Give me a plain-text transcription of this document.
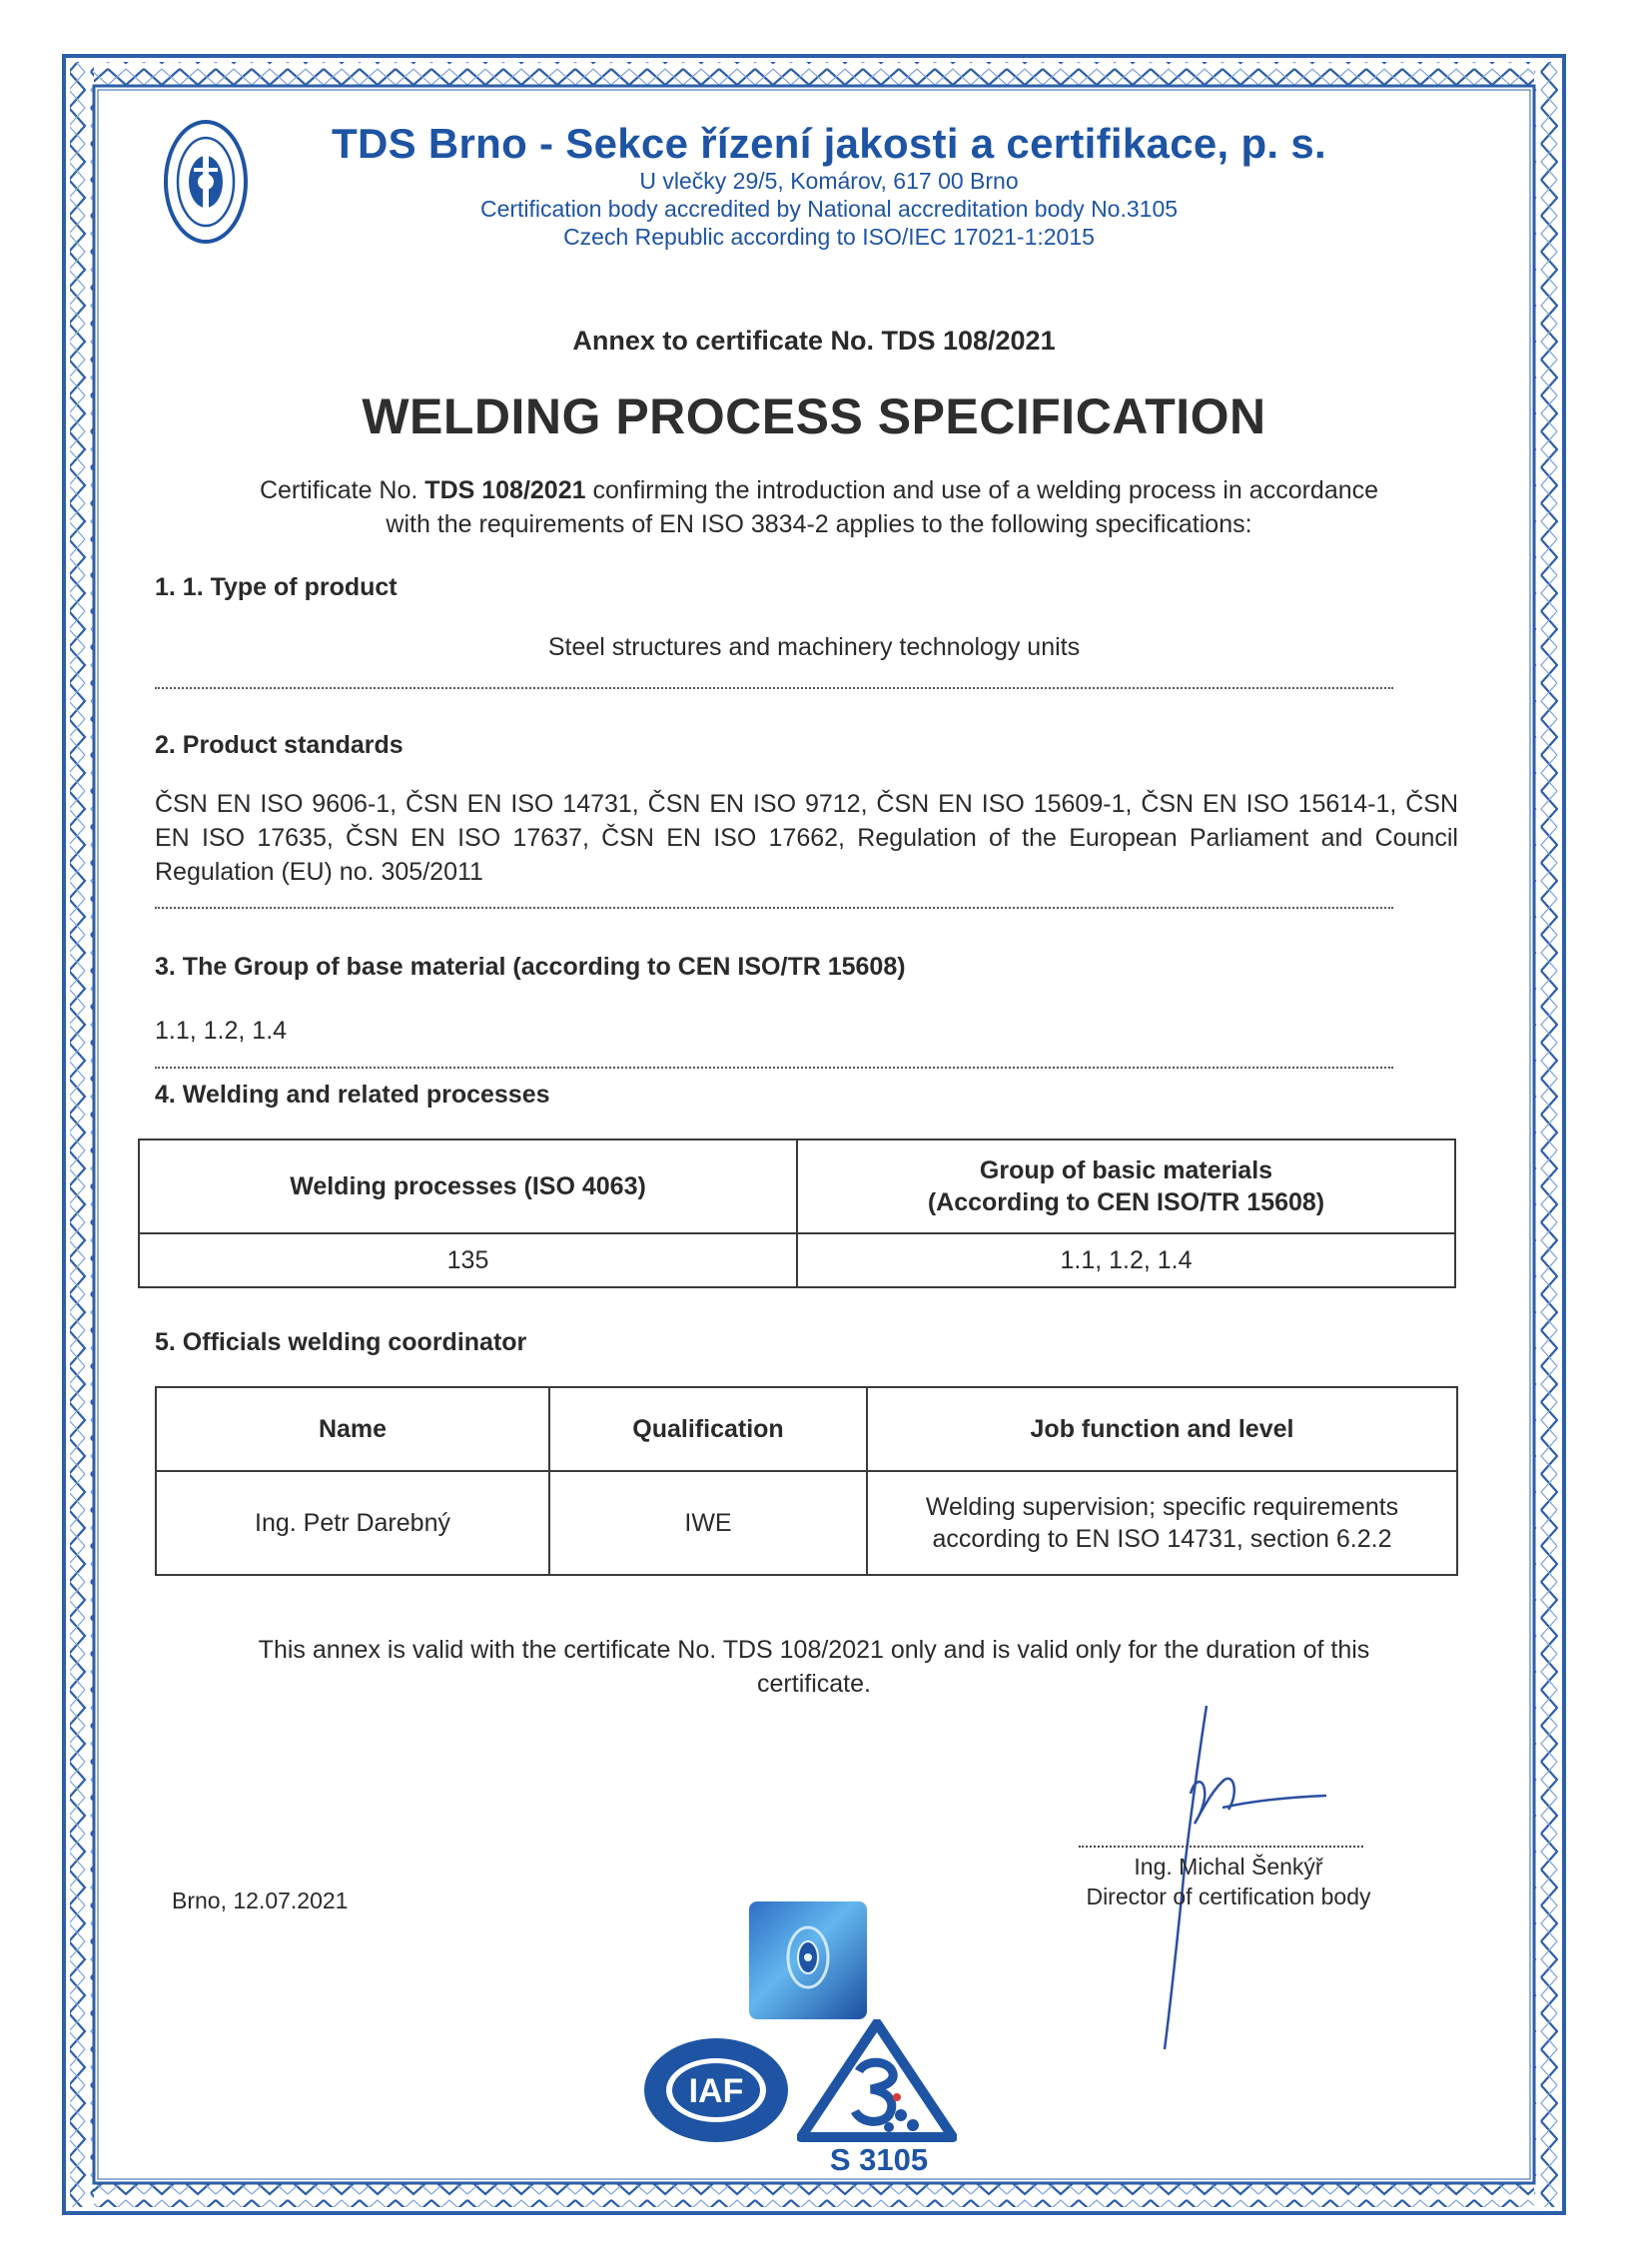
TDS Brno - Sekce řízení jakosti a certifikace, p. s.
U vlečky 29/5, Komárov, 617 00 Brno
Certification body accredited by National accreditation body No.3105
Czech Republic according to ISO/IEC 17021-1:2015
Annex to certificate No. TDS 108/2021
WELDING PROCESS SPECIFICATION
Certificate No. TDS 108/2021 confirming the introduction and use of a welding process in accordance
with the requirements of EN ISO 3834-2 applies to the following specifications:
1. 1. Type of product
Steel structures and machinery technology units
2. Product standards
ČSN EN ISO 9606-1, ČSN EN ISO 14731, ČSN EN ISO 9712, ČSN EN ISO 15609-1, ČSN EN ISO 15614-1, ČSN EN ISO 17635, ČSN EN ISO 17637, ČSN EN ISO 17662, Regulation of the European Parliament and Council Regulation (EU) no. 305/2011
3. The Group of base material (according to CEN ISO/TR 15608)
1.1, 1.2, 1.4
4. Welding and related processes
Welding processes (ISO 4063)	Group of basic materials
(According to CEN ISO/TR 15608)
135	1.1, 1.2, 1.4
5. Officials welding coordinator
Name	Qualification	Job function and level
Ing. Petr Darebný	IWE	Welding supervision; specific requirements
according to EN ISO 14731, section 6.2.2
This annex is valid with the certificate No. TDS 108/2021 only and is valid only for the duration of this
certificate.
Ing. Michal Šenkýř
Director of certification body
Brno, 12.07.2021
IAF
S 3105
